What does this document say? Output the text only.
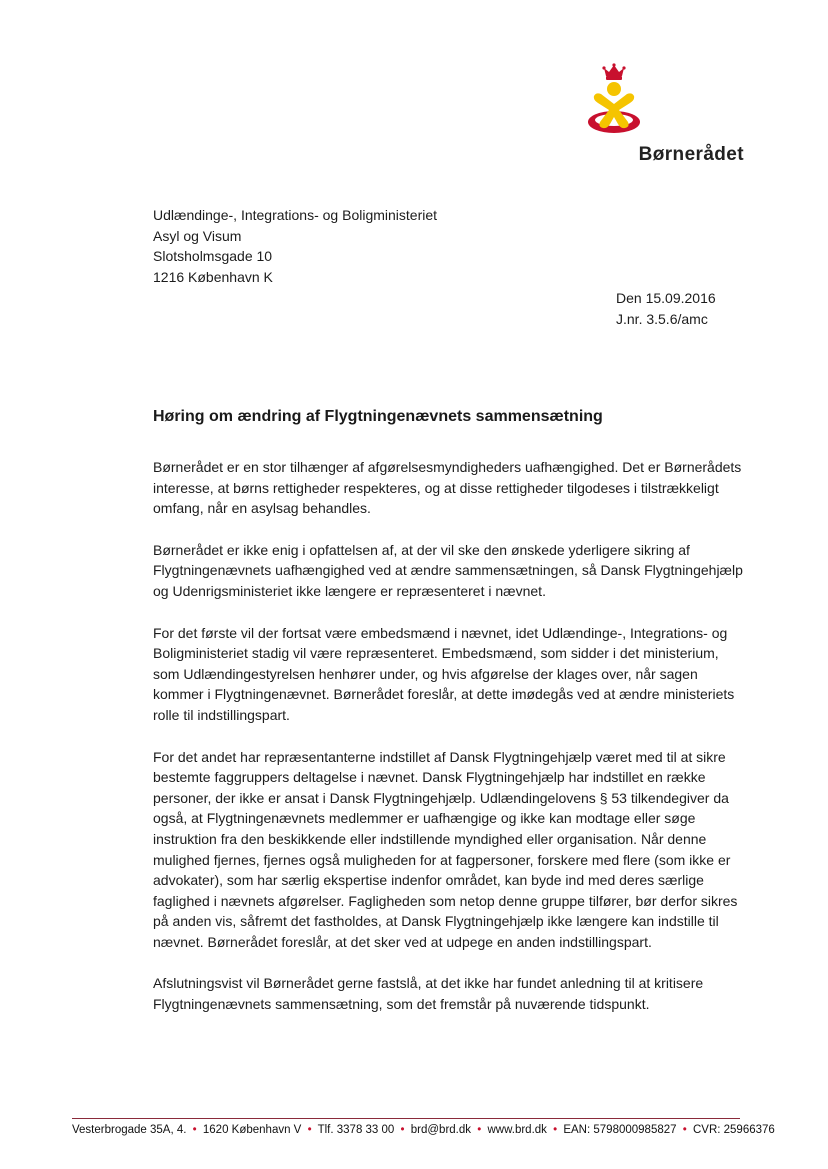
Børnerådet
Udlændinge-, Integrations- og Boligministeriet
Asyl og Visum
Slotsholmsgade 10
1216 København K
Den 15.09.2016
J.nr. 3.5.6/amc
Høring om ændring af Flygtningenævnets sammensætning

Børnerådet er en stor tilhænger af afgørelsesmyndigheders uafhængighed. Det er Børnerådets
interesse, at børns rettigheder respekteres, og at disse rettigheder tilgodeses i tilstrækkeligt
omfang, når en asylsag behandles.

Børnerådet er ikke enig i opfattelsen af, at der vil ske den ønskede yderligere sikring af
Flygtningenævnets uafhængighed ved at ændre sammensætningen, så Dansk Flygtningehjælp
og Udenrigsministeriet ikke længere er repræsenteret i nævnet.

For det første vil der fortsat være embedsmænd i nævnet, idet Udlændinge-, Integrations- og
Boligministeriet stadig vil være repræsenteret. Embedsmænd, som sidder i det ministerium,
som Udlændingestyrelsen henhører under, og hvis afgørelse der klages over, når sagen
kommer i Flygtningenævnet. Børnerådet foreslår, at dette imødegås ved at ændre ministeriets
rolle til indstillingspart.

For det andet har repræsentanterne indstillet af Dansk Flygtningehjælp været med til at sikre
bestemte faggruppers deltagelse i nævnet. Dansk Flygtningehjælp har indstillet en række
personer, der ikke er ansat i Dansk Flygtningehjælp. Udlændingelovens § 53 tilkendegiver da
også, at Flygtningenævnets medlemmer er uafhængige og ikke kan modtage eller søge
instruktion fra den beskikkende eller indstillende myndighed eller organisation. Når denne
mulighed fjernes, fjernes også muligheden for at fagpersoner, forskere med flere (som ikke er
advokater), som har særlig ekspertise indenfor området, kan byde ind med deres særlige
faglighed i nævnets afgørelser. Fagligheden som netop denne gruppe tilfører, bør derfor sikres
på anden vis, såfremt det fastholdes, at Dansk Flygtningehjælp ikke længere kan indstille til
nævnet. Børnerådet foreslår, at det sker ved at udpege en anden indstillingspart.

Afslutningsvist vil Børnerådet gerne fastslå, at det ikke har fundet anledning til at kritisere
Flygtningenævnets sammensætning, som det fremstår på nuværende tidspunkt.

Vesterbrogade 35A, 4. • 1620 København V • Tlf. 3378 33 00 • brd@brd.dk • www.brd.dk • EAN: 5798000985827 • CVR: 25966376
